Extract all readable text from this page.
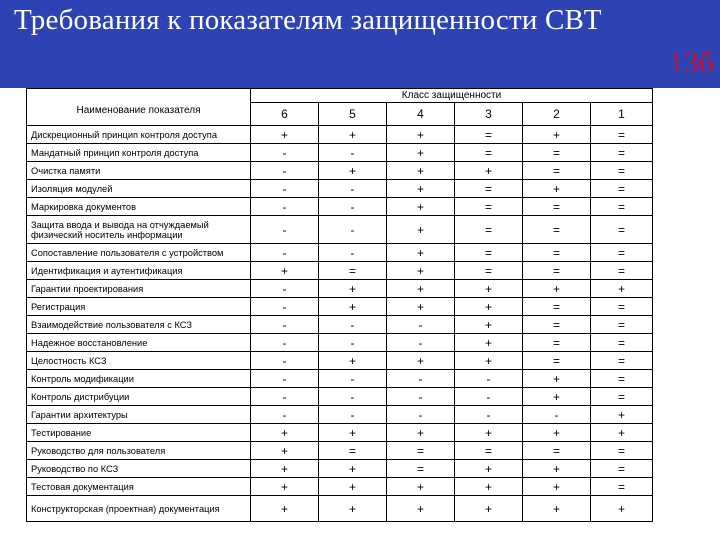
Требования к показателям защищенности СВТ
13б
Наименование показателя	Класс защищенности					
	6	5	4	3	2	1
Дискреционный принцип контроля доступа	+	+	+	=	+	=
Мандатный принцип контроля доступа	-	-	+	=	=	=
Очистка памяти	-	+	+	+	=	=
Изоляция модулей	-	-	+	=	+	=
Маркировка документов	-	-	+	=	=	=
Защита ввода и вывода на отчуждаемый физический носитель информации	-	-	+	=	=	=
Сопоставление пользователя с устройством	-	-	+	=	=	=
Идентификация и аутентификация	+	=	+	=	=	=
Гарантии проектирования	-	+	+	+	+	+
Регистрация	-	+	+	+	=	=
Взаимодействие пользователя с КСЗ	-	-	-	+	=	=
Надежное восстановление	-	-	-	+	=	=
Целостность КСЗ	-	+	+	+	=	=
Контроль модификации	-	-	-	-	+	=
Контроль дистрибуции	-	-	-	-	+	=
Гарантии архитектуры	-	-	-	-	-	+
Тестирование	+	+	+	+	+	+
Руководство для пользователя	+	=	=	=	=	=
Руководство по КСЗ	+	+	=	+	+	=
Тестовая документация	+	+	+	+	+	=
Конструкторская (проектная) документация	+	+	+	+	+	+
